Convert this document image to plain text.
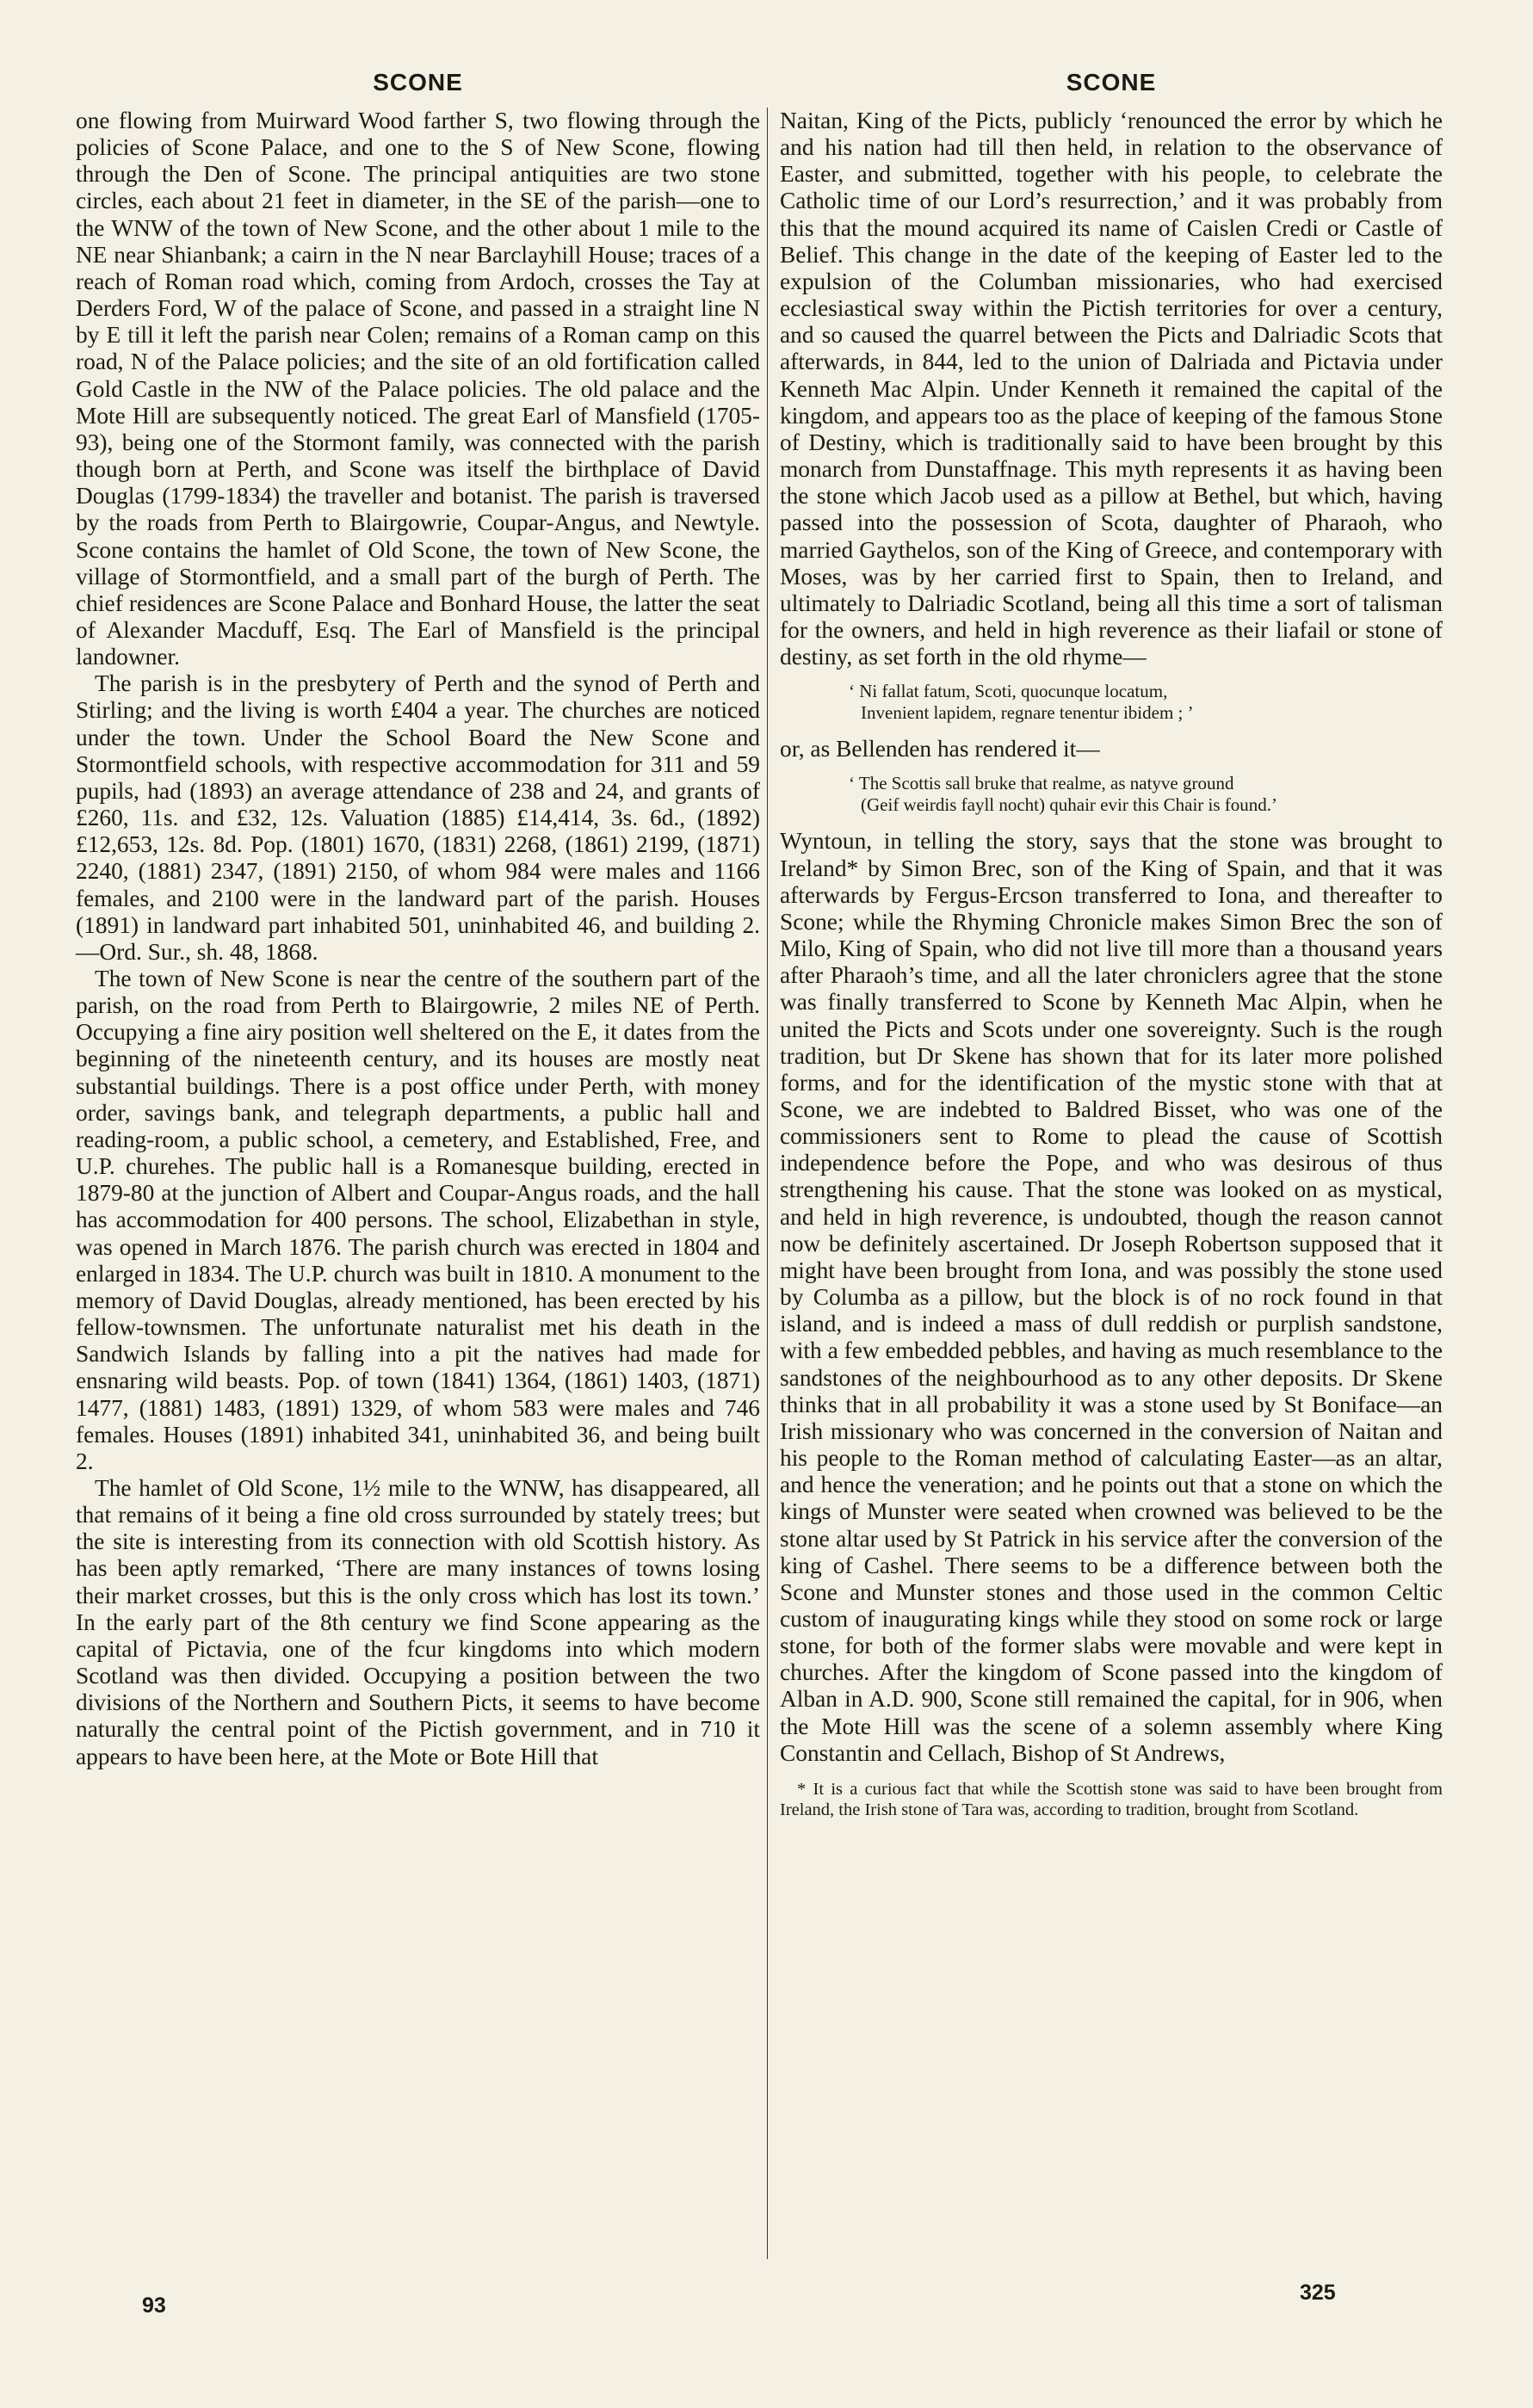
SCONE	SCONE

one flowing from Muirward Wood farther S, two flowing through the policies of Scone Palace, and one to the S of New Scone, flowing through the Den of Scone. The principal antiquities are two stone circles, each about 21 feet in diameter, in the SE of the parish—one to the WNW of the town of New Scone, and the other about 1 mile to the NE near Shianbank; a cairn in the N near Barclayhill House; traces of a reach of Roman road which, coming from Ardoch, crosses the Tay at Derders Ford, W of the palace of Scone, and passed in a straight line N by E till it left the parish near Colen; remains of a Roman camp on this road, N of the Palace policies; and the site of an old fortification called Gold Castle in the NW of the Palace policies. The old palace and the Mote Hill are subsequently noticed. The great Earl of Mansfield (1705-93), being one of the Stormont family, was connected with the parish though born at Perth, and Scone was itself the birthplace of David Douglas (1799-1834) the traveller and botanist. The parish is traversed by the roads from Perth to Blairgowrie, Coupar-Angus, and Newtyle. Scone contains the hamlet of Old Scone, the town of New Scone, the village of Stormontfield, and a small part of the burgh of Perth. The chief residences are Scone Palace and Bonhard House, the latter the seat of Alexander Macduff, Esq. The Earl of Mansfield is the principal landowner.

The parish is in the presbytery of Perth and the synod of Perth and Stirling; and the living is worth £404 a year. The churches are noticed under the town. Under the School Board the New Scone and Stormontfield schools, with respective accommodation for 311 and 59 pupils, had (1893) an average attendance of 238 and 24, and grants of £260, 11s. and £32, 12s. Valuation (1885) £14,414, 3s. 6d., (1892) £12,653, 12s. 8d. Pop. (1801) 1670, (1831) 2268, (1861) 2199, (1871) 2240, (1881) 2347, (1891) 2150, of whom 984 were males and 1166 females, and 2100 were in the landward part of the parish. Houses (1891) in landward part inhabited 501, uninhabited 46, and building 2.—Ord. Sur., sh. 48, 1868.

The town of New Scone is near the centre of the southern part of the parish, on the road from Perth to Blairgowrie, 2 miles NE of Perth. Occupying a fine airy position well sheltered on the E, it dates from the beginning of the nineteenth century, and its houses are mostly neat substantial buildings. There is a post office under Perth, with money order, savings bank, and telegraph departments, a public hall and reading-room, a public school, a cemetery, and Established, Free, and U.P. churehes. The public hall is a Romanesque building, erected in 1879-80 at the junction of Albert and Coupar-Angus roads, and the hall has accommodation for 400 persons. The school, Elizabethan in style, was opened in March 1876. The parish church was erected in 1804 and enlarged in 1834. The U.P. church was built in 1810. A monument to the memory of David Douglas, already mentioned, has been erected by his fellow-townsmen. The unfortunate naturalist met his death in the Sandwich Islands by falling into a pit the natives had made for ensnaring wild beasts. Pop. of town (1841) 1364, (1861) 1403, (1871) 1477, (1881) 1483, (1891) 1329, of whom 583 were males and 746 females. Houses (1891) inhabited 341, uninhabited 36, and being built 2.

The hamlet of Old Scone, 1½ mile to the WNW, has disappeared, all that remains of it being a fine old cross surrounded by stately trees; but the site is interesting from its connection with old Scottish history. As has been aptly remarked, ‘There are many instances of towns losing their market crosses, but this is the only cross which has lost its town.’ In the early part of the 8th century we find Scone appearing as the capital of Pictavia, one of the fcur kingdoms into which modern Scotland was then divided. Occupying a position between the two divisions of the Northern and Southern Picts, it seems to have become naturally the central point of the Pictish government, and in 710 it appears to have been here, at the Mote or Bote Hill that

Naitan, King of the Picts, publicly ‘renounced the error by which he and his nation had till then held, in relation to the observance of Easter, and submitted, together with his people, to celebrate the Catholic time of our Lord’s resurrection,’ and it was probably from this that the mound acquired its name of Caislen Credi or Castle of Belief. This change in the date of the keeping of Easter led to the expulsion of the Columban missionaries, who had exercised ecclesiastical sway within the Pictish territories for over a century, and so caused the quarrel between the Picts and Dalriadic Scots that afterwards, in 844, led to the union of Dalriada and Pictavia under Kenneth Mac Alpin. Under Kenneth it remained the capital of the kingdom, and appears too as the place of keeping of the famous Stone of Destiny, which is traditionally said to have been brought by this monarch from Dunstaffnage. This myth represents it as having been the stone which Jacob used as a pillow at Bethel, but which, having passed into the possession of Scota, daughter of Pharaoh, who married Gaythelos, son of the King of Greece, and contemporary with Moses, was by her carried first to Spain, then to Ireland, and ultimately to Dalriadic Scotland, being all this time a sort of talisman for the owners, and held in high reverence as their liafail or stone of destiny, as set forth in the old rhyme—

‘ Ni fallat fatum, Scoti, quocunque locatum,
Invenient lapidem, regnare tenentur ibidem ; ’

or, as Bellenden has rendered it—

‘ The Scottis sall bruke that realme, as natyve ground
(Geif weirdis fayll nocht) quhair evir this Chair is found.’

Wyntoun, in telling the story, says that the stone was brought to Ireland* by Simon Brec, son of the King of Spain, and that it was afterwards by Fergus-Ercson transferred to Iona, and thereafter to Scone; while the Rhyming Chronicle makes Simon Brec the son of Milo, King of Spain, who did not live till more than a thousand years after Pharaoh’s time, and all the later chroniclers agree that the stone was finally transferred to Scone by Kenneth Mac Alpin, when he united the Picts and Scots under one sovereignty. Such is the rough tradition, but Dr Skene has shown that for its later more polished forms, and for the identification of the mystic stone with that at Scone, we are indebted to Baldred Bisset, who was one of the commissioners sent to Rome to plead the cause of Scottish independence before the Pope, and who was desirous of thus strengthening his cause. That the stone was looked on as mystical, and held in high reverence, is undoubted, though the reason cannot now be definitely ascertained. Dr Joseph Robertson supposed that it might have been brought from Iona, and was possibly the stone used by Columba as a pillow, but the block is of no rock found in that island, and is indeed a mass of dull reddish or purplish sandstone, with a few embedded pebbles, and having as much resemblance to the sandstones of the neighbourhood as to any other deposits. Dr Skene thinks that in all probability it was a stone used by St Boniface—an Irish missionary who was concerned in the conversion of Naitan and his people to the Roman method of calculating Easter—as an altar, and hence the veneration; and he points out that a stone on which the kings of Munster were seated when crowned was believed to be the stone altar used by St Patrick in his service after the conversion of the king of Cashel. There seems to be a difference between both the Scone and Munster stones and those used in the common Celtic custom of inaugurating kings while they stood on some rock or large stone, for both of the former slabs were movable and were kept in churches. After the kingdom of Scone passed into the kingdom of Alban in A.D. 900, Scone still remained the capital, for in 906, when the Mote Hill was the scene of a solemn assembly where King Constantin and Cellach, Bishop of St Andrews,

* It is a curious fact that while the Scottish stone was said to have been brought from Ireland, the Irish stone of Tara was, according to tradition, brought from Scotland.

93
325
